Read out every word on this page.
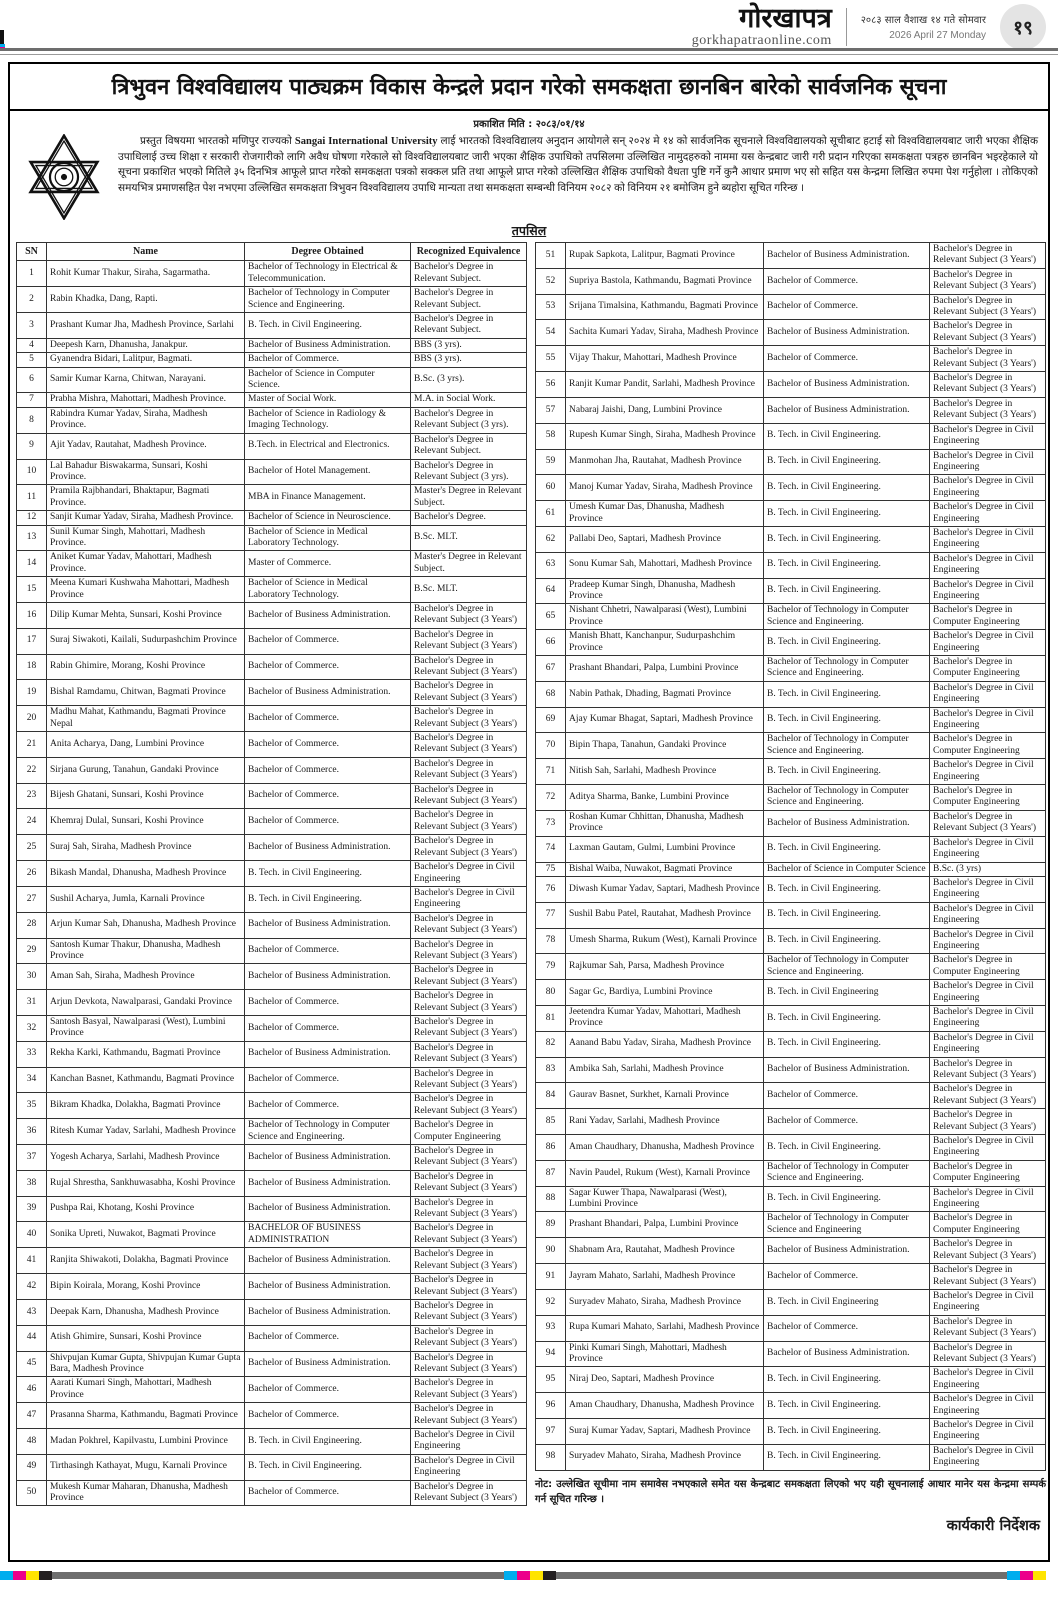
गोरखापत्र
gorkhapatraonline.com
२०८३ साल वैशाख १४ गते सोमवार
2026 April 27 Monday	१९
त्रिभुवन विश्वविद्यालय पाठ्यक्रम विकास केन्द्रले प्रदान गरेको समकक्षता छानबिन बारेको सार्वजनिक सूचना
प्रकाशित मिति : २०८३/०१/१४
प्रस्तुत विषयमा भारतको मणिपुर राज्यको Sangai International University लाई भारतको विश्वविद्यालय अनुदान आयोगले सन् २०२४ मे १४ को सार्वजनिक सूचनाले विश्वविद्यालयको सूचीबाट हटाई सो विश्वविद्यालयबाट जारी भएका शैक्षिक उपाधिलाई उच्च शिक्षा र सरकारी रोजगारीको लागि अवैध घोषणा गरेकाले सो विश्वविद्यालयबाट जारी भएका शैक्षिक उपाधिको तपसिलमा उल्लिखित नामुदहरुको नाममा यस केन्द्रबाट जारी गरी प्रदान गरिएका समकक्षता पत्रहरु छानबिन भइरहेकाले यो सूचना प्रकाशित भएको मितिले ३५ दिनभित्र आफूले प्राप्त गरेको समकक्षता पत्रको सक्कल प्रति तथा आफूले प्राप्त गरेको उल्लिखित शैक्षिक उपाधिको वैधता पुष्टि गर्ने कुनै आधार प्रमाण भए सो सहित यस केन्द्रमा लिखित रुपमा पेश गर्नुहोला । तोकिएको समयभित्र प्रमाणसहित पेश नभएमा उल्लिखित समकक्षता त्रिभुवन विश्वविद्यालय उपाधि मान्यता तथा समकक्षता सम्बन्धी विनियम २०८२ को विनियम २१ बमोजिम हुने ब्यहोरा सूचित गरिन्छ ।
तपसिल
SN	Name	Degree Obtained	Recognized Equivalence
1	Rohit Kumar Thakur, Siraha, Sagarmatha.	Bachelor of Technology in Electrical & Telecommunication.	Bachelor's Degree in Relevant Subject.
2	Rabin Khadka, Dang, Rapti.	Bachelor of Technology in Computer Science and Engineering.	Bachelor's Degree in Relevant Subject.
3	Prashant Kumar Jha, Madhesh Province, Sarlahi	B. Tech. in Civil Engineering.	Bachelor's Degree in Relevant Subject.
4	Deepesh Karn, Dhanusha, Janakpur.	Bachelor of Business Administration.	BBS (3 yrs).
5	Gyanendra Bidari, Lalitpur, Bagmati.	Bachelor of Commerce.	BBS (3 yrs).
6	Samir Kumar Karna, Chitwan, Narayani.	Bachelor of Science in Computer Science.	B.Sc. (3 yrs).
7	Prabha Mishra, Mahottari, Madhesh Province.	Master of Social Work.	M.A. in Social Work.
8	Rabindra Kumar Yadav, Siraha, Madhesh Province.	Bachelor of Science in Radiology & Imaging Technology.	Bachelor's Degree in Relevant Subject (3 yrs).
9	Ajit Yadav, Rautahat, Madhesh Province.	B.Tech. in Electrical and Electronics.	Bachelor's Degree in Relevant Subject.
10	Lal Bahadur Biswakarma, Sunsari, Koshi Province.	Bachelor of Hotel Management.	Bachelor's Degree in Relevant Subject (3 yrs).
11	Pramila Rajbhandari, Bhaktapur, Bagmati Province.	MBA in Finance Management.	Master's Degree in Relevant Subject.
12	Sanjit Kumar Yadav, Siraha, Madhesh Province.	Bachelor of Science in Neuroscience.	Bachelor's Degree.
13	Sunil Kumar Singh, Mahottari, Madhesh Province.	Bachelor of Science in Medical Laboratory Technology.	B.Sc. MLT.
14	Aniket Kumar Yadav, Mahottari, Madhesh Province.	Master of Commerce.	Master's Degree in Relevant Subject.
15	Meena Kumari Kushwaha Mahottari, Madhesh Province	Bachelor of Science in Medical Laboratory Technology.	B.Sc. MLT.
16	Dilip Kumar Mehta, Sunsari, Koshi Province	Bachelor of Business Administration.	Bachelor's Degree in Relevant Subject (3 Years')
17	Suraj Siwakoti, Kailali, Sudurpashchim Province	Bachelor of Commerce.	Bachelor's Degree in Relevant Subject (3 Years')
18	Rabin Ghimire, Morang, Koshi Province	Bachelor of Commerce.	Bachelor's Degree in Relevant Subject (3 Years')
19	Bishal Ramdamu, Chitwan, Bagmati Province	Bachelor of Business Administration.	Bachelor's Degree in Relevant Subject (3 Years')
20	Madhu Mahat, Kathmandu, Bagmati Province Nepal	Bachelor of Commerce.	Bachelor's Degree in Relevant Subject (3 Years')
21	Anita Acharya, Dang, Lumbini Province	Bachelor of Commerce.	Bachelor's Degree in Relevant Subject (3 Years')
22	Sirjana Gurung, Tanahun, Gandaki Province	Bachelor of Commerce.	Bachelor's Degree in Relevant Subject (3 Years')
23	Bijesh Ghatani, Sunsari, Koshi Province	Bachelor of Commerce.	Bachelor's Degree in Relevant Subject (3 Years')
24	Khemraj Dulal, Sunsari, Koshi Province	Bachelor of Commerce.	Bachelor's Degree in Relevant Subject (3 Years')
25	Suraj Sah, Siraha, Madhesh Province	Bachelor of Business Administration.	Bachelor's Degree in Relevant Subject (3 Years')
26	Bikash Mandal, Dhanusha, Madhesh Province	B. Tech. in Civil Engineering.	Bachelor's Degree in Civil Engineering
27	Sushil Acharya, Jumla, Karnali Province	B. Tech. in Civil Engineering.	Bachelor's Degree in Civil Engineering
28	Arjun Kumar Sah, Dhanusha, Madhesh Province	Bachelor of Business Administration.	Bachelor's Degree in Relevant Subject (3 Years')
29	Santosh Kumar Thakur, Dhanusha, Madhesh Province	Bachelor of Commerce.	Bachelor's Degree in Relevant Subject (3 Years')
30	Aman Sah, Siraha, Madhesh Province	Bachelor of Business Administration.	Bachelor's Degree in Relevant Subject (3 Years')
31	Arjun Devkota, Nawalparasi, Gandaki Province	Bachelor of Commerce.	Bachelor's Degree in Relevant Subject (3 Years')
32	Santosh Basyal, Nawalparasi (West), Lumbini Province	Bachelor of Commerce.	Bachelor's Degree in Relevant Subject (3 Years')
33	Rekha Karki, Kathmandu, Bagmati Province	Bachelor of Business Administration.	Bachelor's Degree in Relevant Subject (3 Years')
34	Kanchan Basnet, Kathmandu, Bagmati Province	Bachelor of Commerce.	Bachelor's Degree in Relevant Subject (3 Years')
35	Bikram Khadka, Dolakha, Bagmati Province	Bachelor of Commerce.	Bachelor's Degree in Relevant Subject (3 Years')
36	Ritesh Kumar Yadav, Sarlahi, Madhesh Province	Bachelor of Technology in Computer Science and Engineering.	Bachelor's Degree in Computer Engineering
37	Yogesh Acharya, Sarlahi, Madhesh Province	Bachelor of Business Administration.	Bachelor's Degree in Relevant Subject (3 Years')
38	Rujal Shrestha, Sankhuwasabha, Koshi Province	Bachelor of Business Administration.	Bachelor's Degree in Relevant Subject (3 Years')
39	Pushpa Rai, Khotang, Koshi Province	Bachelor of Business Administration.	Bachelor's Degree in Relevant Subject (3 Years')
40	Sonika Upreti, Nuwakot, Bagmati Province	BACHELOR OF BUSINESS ADMINISTRATION	Bachelor's Degree in Relevant Subject (3 Years')
41	Ranjita Shiwakoti, Dolakha, Bagmati Province	Bachelor of Business Administration.	Bachelor's Degree in Relevant Subject (3 Years')
42	Bipin Koirala, Morang, Koshi Province	Bachelor of Business Administration.	Bachelor's Degree in Relevant Subject (3 Years')
43	Deepak Karn, Dhanusha, Madhesh Province	Bachelor of Business Administration.	Bachelor's Degree in Relevant Subject (3 Years')
44	Atish Ghimire, Sunsari, Koshi Province	Bachelor of Commerce.	Bachelor's Degree in Relevant Subject (3 Years')
45	Shivpujan Kumar Gupta, Shivpujan Kumar Gupta Bara, Madhesh Province	Bachelor of Business Administration.	Bachelor's Degree in Relevant Subject (3 Years')
46	Aarati Kumari Singh, Mahottari, Madhesh Province	Bachelor of Commerce.	Bachelor's Degree in Relevant Subject (3 Years')
47	Prasanna Sharma, Kathmandu, Bagmati Province	Bachelor of Commerce.	Bachelor's Degree in Relevant Subject (3 Years')
48	Madan Pokhrel, Kapilvastu, Lumbini Province	B. Tech. in Civil Engineering.	Bachelor's Degree in Civil Engineering
49	Tirthasingh Kathayat, Mugu, Karnali Province	B. Tech. in Civil Engineering.	Bachelor's Degree in Civil Engineering
50	Mukesh Kumar Maharan, Dhanusha, Madhesh Province	Bachelor of Commerce.	Bachelor's Degree in Relevant Subject (3 Years')
51	Rupak Sapkota, Lalitpur, Bagmati Province	Bachelor of Business Administration.	Bachelor's Degree in Relevant Subject (3 Years')
52	Supriya Bastola, Kathmandu, Bagmati Province	Bachelor of Commerce.	Bachelor's Degree in Relevant Subject (3 Years')
53	Srijana Timalsina, Kathmandu, Bagmati Province	Bachelor of Commerce.	Bachelor's Degree in Relevant Subject (3 Years')
54	Sachita Kumari Yadav, Siraha, Madhesh Province	Bachelor of Business Administration.	Bachelor's Degree in Relevant Subject (3 Years')
55	Vijay Thakur, Mahottari, Madhesh Province	Bachelor of Commerce.	Bachelor's Degree in Relevant Subject (3 Years')
56	Ranjit Kumar Pandit, Sarlahi, Madhesh Province	Bachelor of Business Administration.	Bachelor's Degree in Relevant Subject (3 Years')
57	Nabaraj Jaishi, Dang, Lumbini Province	Bachelor of Business Administration.	Bachelor's Degree in Relevant Subject (3 Years')
58	Rupesh Kumar Singh, Siraha, Madhesh Province	B. Tech. in Civil Engineering.	Bachelor's Degree in Civil Engineering
59	Manmohan Jha, Rautahat, Madhesh Province	B. Tech. in Civil Engineering.	Bachelor's Degree in Civil Engineering
60	Manoj Kumar Yadav, Siraha, Madhesh Province	B. Tech. in Civil Engineering.	Bachelor's Degree in Civil Engineering
61	Umesh Kumar Das, Dhanusha, Madhesh Province	B. Tech. in Civil Engineering.	Bachelor's Degree in Civil Engineering
62	Pallabi Deo, Saptari, Madhesh Province	B. Tech. in Civil Engineering.	Bachelor's Degree in Civil Engineering
63	Sonu Kumar Sah, Mahottari, Madhesh Province	B. Tech. in Civil Engineering.	Bachelor's Degree in Civil Engineering
64	Pradeep Kumar Singh, Dhanusha, Madhesh Province	B. Tech. in Civil Engineering.	Bachelor's Degree in Civil Engineering
65	Nishant Chhetri, Nawalparasi (West), Lumbini Province	Bachelor of Technology in Computer Science and Engineering.	Bachelor's Degree in Computer Engineering
66	Manish Bhatt, Kanchanpur, Sudurpashchim Province	B. Tech. in Civil Engineering.	Bachelor's Degree in Civil Engineering
67	Prashant Bhandari, Palpa, Lumbini Province	Bachelor of Technology in Computer Science and Engineering.	Bachelor's Degree in Computer Engineering
68	Nabin Pathak, Dhading, Bagmati Province	B. Tech. in Civil Engineering.	Bachelor's Degree in Civil Engineering
69	Ajay Kumar Bhagat, Saptari, Madhesh Province	B. Tech. in Civil Engineering.	Bachelor's Degree in Civil Engineering
70	Bipin Thapa, Tanahun, Gandaki Province	Bachelor of Technology in Computer Science and Engineering.	Bachelor's Degree in Computer Engineering
71	Nitish Sah, Sarlahi, Madhesh Province	B. Tech. in Civil Engineering.	Bachelor's Degree in Civil Engineering
72	Aditya Sharma, Banke, Lumbini Province	Bachelor of Technology in Computer Science and Engineering.	Bachelor's Degree in Computer Engineering
73	Roshan Kumar Chhittan, Dhanusha, Madhesh Province	Bachelor of Business Administration.	Bachelor's Degree in Relevant Subject (3 Years')
74	Laxman Gautam, Gulmi, Lumbini Province	B. Tech. in Civil Engineering.	Bachelor's Degree in Civil Engineering
75	Bishal Waiba, Nuwakot, Bagmati Province	Bachelor of Science in Computer Science	B.Sc. (3 yrs)
76	Diwash Kumar Yadav, Saptari, Madhesh Province	B. Tech. in Civil Engineering.	Bachelor's Degree in Civil Engineering
77	Sushil Babu Patel, Rautahat, Madhesh Province	B. Tech. in Civil Engineering.	Bachelor's Degree in Civil Engineering
78	Umesh Sharma, Rukum (West), Karnali Province	B. Tech. in Civil Engineering.	Bachelor's Degree in Civil Engineering
79	Rajkumar Sah, Parsa, Madhesh Province	Bachelor of Technology in Computer Science and Engineering.	Bachelor's Degree in Computer Engineering
80	Sagar Gc, Bardiya, Lumbini Province	B. Tech. in Civil Engineering	Bachelor's Degree in Civil Engineering
81	Jeetendra Kumar Yadav, Mahottari, Madhesh Province	B. Tech. in Civil Engineering.	Bachelor's Degree in Civil Engineering
82	Aanand Babu Yadav, Siraha, Madhesh Province	B. Tech. in Civil Engineering.	Bachelor's Degree in Civil Engineering
83	Ambika Sah, Sarlahi, Madhesh Province	Bachelor of Business Administration.	Bachelor's Degree in Relevant Subject (3 Years')
84	Gaurav Basnet, Surkhet, Karnali Province	Bachelor of Commerce.	Bachelor's Degree in Relevant Subject (3 Years')
85	Rani Yadav, Sarlahi, Madhesh Province	Bachelor of Commerce.	Bachelor's Degree in Relevant Subject (3 Years')
86	Aman Chaudhary, Dhanusha, Madhesh Province	B. Tech. in Civil Engineering.	Bachelor's Degree in Civil Engineering
87	Navin Paudel, Rukum (West), Karnali Province	Bachelor of Technology in Computer Science and Engineering.	Bachelor's Degree in Computer Engineering
88	Sagar Kuwer Thapa, Nawalparasi (West), Lumbini Province	B. Tech. in Civil Engineering.	Bachelor's Degree in Civil Engineering
89	Prashant Bhandari, Palpa, Lumbini Province	Bachelor of Technology in Computer Science and Engineering	Bachelor's Degree in Computer Engineering
90	Shabnam Ara, Rautahat, Madhesh Province	Bachelor of Business Administration.	Bachelor's Degree in Relevant Subject (3 Years')
91	Jayram Mahato, Sarlahi, Madhesh Province	Bachelor of Commerce.	Bachelor's Degree in Relevant Subject (3 Years')
92	Suryadev Mahato, Siraha, Madhesh Province	B. Tech. in Civil Engineering	Bachelor's Degree in Civil Engineering
93	Rupa Kumari Mahato, Sarlahi, Madhesh Province	Bachelor of Commerce.	Bachelor's Degree in Relevant Subject (3 Years')
94	Pinki Kumari Singh, Mahottari, Madhesh Province	Bachelor of Business Administration.	Bachelor's Degree in Relevant Subject (3 Years')
95	Niraj Deo, Saptari, Madhesh Province	B. Tech. in Civil Engineering.	Bachelor's Degree in Civil Engineering
96	Aman Chaudhary, Dhanusha, Madhesh Province	B. Tech. in Civil Engineering.	Bachelor's Degree in Civil Engineering
97	Suraj Kumar Yadav, Saptari, Madhesh Province	B. Tech. in Civil Engineering.	Bachelor's Degree in Civil Engineering
98	Suryadev Mahato, Siraha, Madhesh Province	B. Tech. in Civil Engineering.	Bachelor's Degree in Civil Engineering
नोट: उल्लेखित सूचीमा नाम समावेस नभएकाले समेत यस केन्द्रबाट समकक्षता लिएको भए यही सूचनालाई आधार मानेर यस केन्द्रमा सम्पर्क गर्न सूचित गरिन्छ ।
कार्यकारी निर्देशक
